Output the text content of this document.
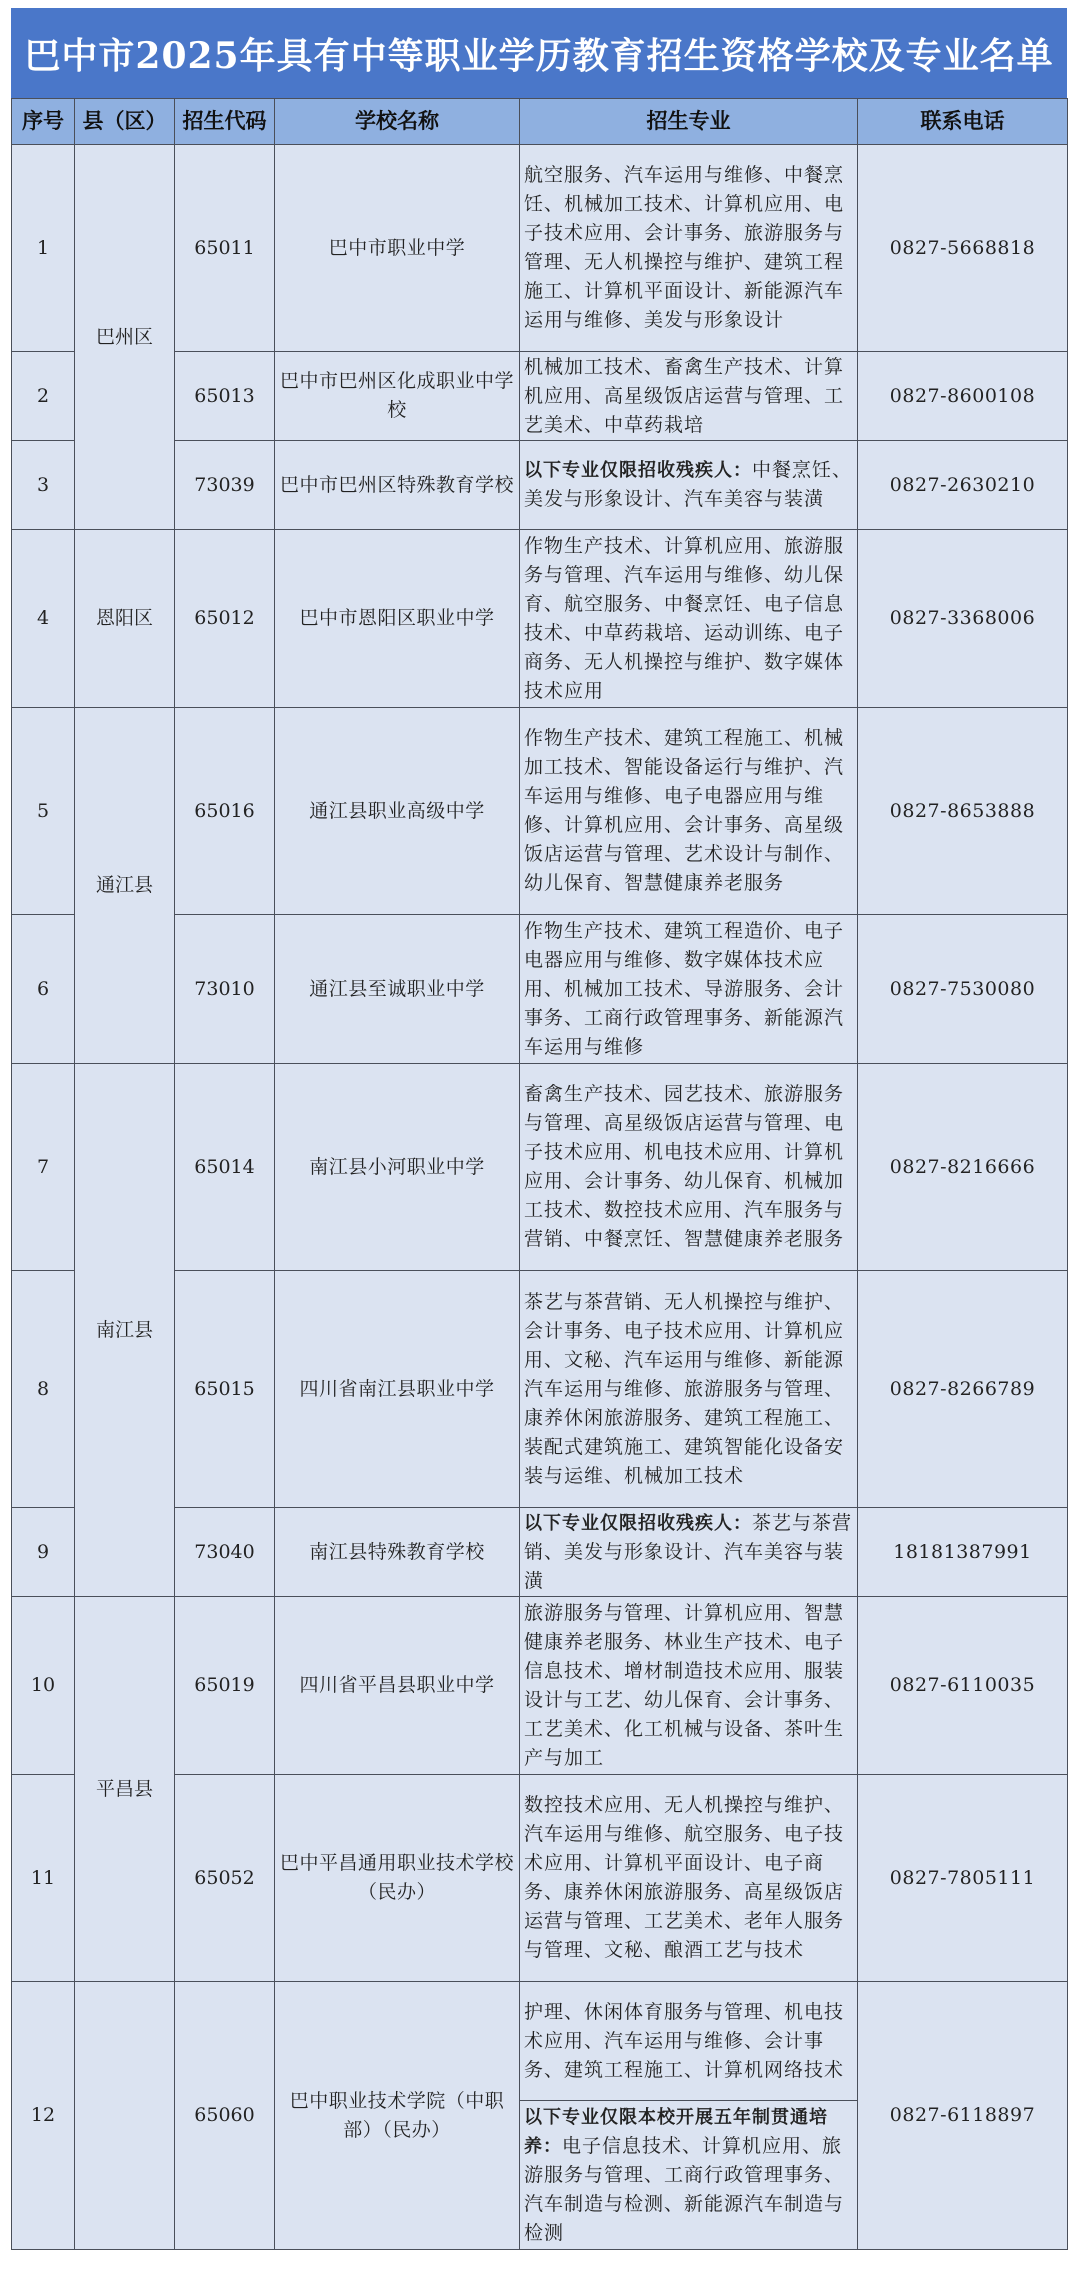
巴中市2025年具有中等职业学历教育招生资格学校及专业名单
序号	县（区）	招生代码	学校名称	招生专业	联系电话
1	巴州区	65011	巴中市职业中学	航空服务、汽车运用与维修、中餐烹饪、机械加工技术、计算机应用、电子技术应用、会计事务、旅游服务与管理、无人机操控与维护、建筑工程施工、计算机平面设计、新能源汽车运用与维修、美发与形象设计	0827-5668818
2		65013	巴中市巴州区化成职业中学校	机械加工技术、畜禽生产技术、计算机应用、高星级饭店运营与管理、工艺美术、中草药栽培	0827-8600108
3		73039	巴中市巴州区特殊教育学校	以下专业仅限招收残疾人：中餐烹饪、美发与形象设计、汽车美容与装潢	0827-2630210
4	恩阳区	65012	巴中市恩阳区职业中学	作物生产技术、计算机应用、旅游服务与管理、汽车运用与维修、幼儿保育、航空服务、中餐烹饪、电子信息技术、中草药栽培、运动训练、电子商务、无人机操控与维护、数字媒体技术应用	0827-3368006
5	通江县	65016	通江县职业高级中学	作物生产技术、建筑工程施工、机械加工技术、智能设备运行与维护、汽车运用与维修、电子电器应用与维修、计算机应用、会计事务、高星级饭店运营与管理、艺术设计与制作、幼儿保育、智慧健康养老服务	0827-8653888
6		73010	通江县至诚职业中学	作物生产技术、建筑工程造价、电子电器应用与维修、数字媒体技术应用、机械加工技术、导游服务、会计事务、工商行政管理事务、新能源汽车运用与维修	0827-7530080
7	南江县	65014	南江县小河职业中学	畜禽生产技术、园艺技术、旅游服务与管理、高星级饭店运营与管理、电子技术应用、机电技术应用、计算机应用、会计事务、幼儿保育、机械加工技术、数控技术应用、汽车服务与营销、中餐烹饪、智慧健康养老服务	0827-8216666
8		65015	四川省南江县职业中学	茶艺与茶营销、无人机操控与维护、会计事务、电子技术应用、计算机应用、文秘、汽车运用与维修、新能源汽车运用与维修、旅游服务与管理、康养休闲旅游服务、建筑工程施工、装配式建筑施工、建筑智能化设备安装与运维、机械加工技术	0827-8266789
9		73040	南江县特殊教育学校	以下专业仅限招收残疾人：茶艺与茶营销、美发与形象设计、汽车美容与装潢	18181387991
10	平昌县	65019	四川省平昌县职业中学	旅游服务与管理、计算机应用、智慧健康养老服务、林业生产技术、电子信息技术、增材制造技术应用、服装设计与工艺、幼儿保育、会计事务、工艺美术、化工机械与设备、茶叶生产与加工	0827-6110035
11		65052	巴中平昌通用职业技术学校（民办）	数控技术应用、无人机操控与维护、汽车运用与维修、航空服务、电子技术应用、计算机平面设计、电子商务、康养休闲旅游服务、高星级饭店运营与管理、工艺美术、老年人服务与管理、文秘、酿酒工艺与技术	0827-7805111
12		65060	巴中职业技术学院（中职部）（民办）	护理、休闲体育服务与管理、机电技术应用、汽车运用与维修、会计事务、建筑工程施工、计算机网络技术	0827-6118897
				以下专业仅限本校开展五年制贯通培养：电子信息技术、计算机应用、旅游服务与管理、工商行政管理事务、汽车制造与检测、新能源汽车制造与检测	
